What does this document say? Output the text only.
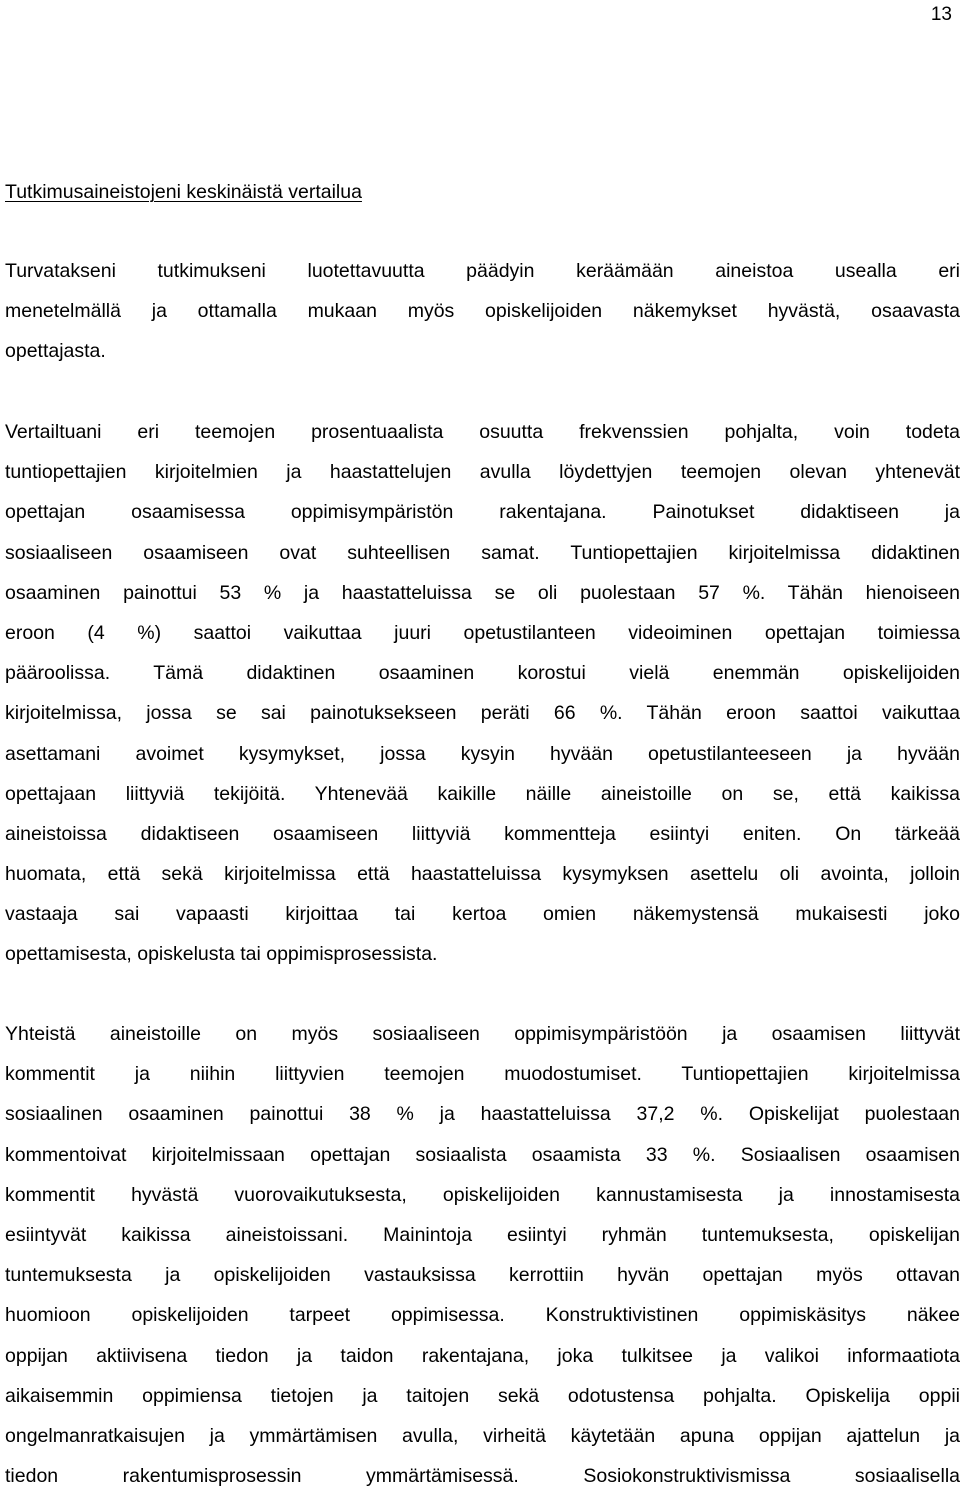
13
Tutkimusaineistojeni keskinäistä vertailua
Turvatakseni tutkimukseni luotettavuutta päädyin keräämään aineistoa usealla eri
menetelmällä ja ottamalla mukaan myös opiskelijoiden näkemykset hyvästä, osaavasta
opettajasta.
Vertailtuani eri teemojen prosentuaalista osuutta frekvenssien pohjalta, voin todeta
tuntiopettajien kirjoitelmien ja haastattelujen avulla löydettyjen teemojen olevan yhtenevät
opettajan osaamisessa oppimisympäristön rakentajana. Painotukset didaktiseen ja
sosiaaliseen osaamiseen ovat suhteellisen samat. Tuntiopettajien kirjoitelmissa didaktinen
osaaminen painottui 53 % ja haastatteluissa se oli puolestaan 57 %. Tähän hienoiseen
eroon (4 %) saattoi vaikuttaa juuri opetustilanteen videoiminen opettajan toimiessa
pääroolissa. Tämä didaktinen osaaminen korostui vielä enemmän opiskelijoiden
kirjoitelmissa, jossa se sai painotuksekseen peräti 66 %. Tähän eroon saattoi vaikuttaa
asettamani avoimet kysymykset, jossa kysyin hyvään opetustilanteeseen ja hyvään
opettajaan liittyviä tekijöitä. Yhtenevää kaikille näille aineistoille on se, että kaikissa
aineistoissa didaktiseen osaamiseen liittyviä kommentteja esiintyi eniten. On tärkeää
huomata, että sekä kirjoitelmissa että haastatteluissa kysymyksen asettelu oli avointa, jolloin
vastaaja sai vapaasti kirjoittaa tai kertoa omien näkemystensä mukaisesti joko
opettamisesta, opiskelusta tai oppimisprosessista.
Yhteistä aineistoille on myös sosiaaliseen oppimisympäristöön ja osaamisen liittyvät
kommentit ja niihin liittyvien teemojen muodostumiset. Tuntiopettajien kirjoitelmissa
sosiaalinen osaaminen painottui 38 % ja haastatteluissa 37,2 %. Opiskelijat puolestaan
kommentoivat kirjoitelmissaan opettajan sosiaalista osaamista 33 %. Sosiaalisen osaamisen
kommentit hyvästä vuorovaikutuksesta, opiskelijoiden kannustamisesta ja innostamisesta
esiintyvät kaikissa aineistoissani. Mainintoja esiintyi ryhmän tuntemuksesta, opiskelijan
tuntemuksesta ja opiskelijoiden vastauksissa kerrottiin hyvän opettajan myös ottavan
huomioon opiskelijoiden tarpeet oppimisessa. Konstruktivistinen oppimiskäsitys näkee
oppijan aktiivisena tiedon ja taidon rakentajana, joka tulkitsee ja valikoi informaatiota
aikaisemmin oppimiensa tietojen ja taitojen sekä odotustensa pohjalta. Opiskelija oppii
ongelmanratkaisujen ja ymmärtämisen avulla, virheitä käytetään apuna oppijan ajattelun ja
tiedon rakentumisprosessin ymmärtämisessä. Sosiokonstruktivismissa sosiaalisella
